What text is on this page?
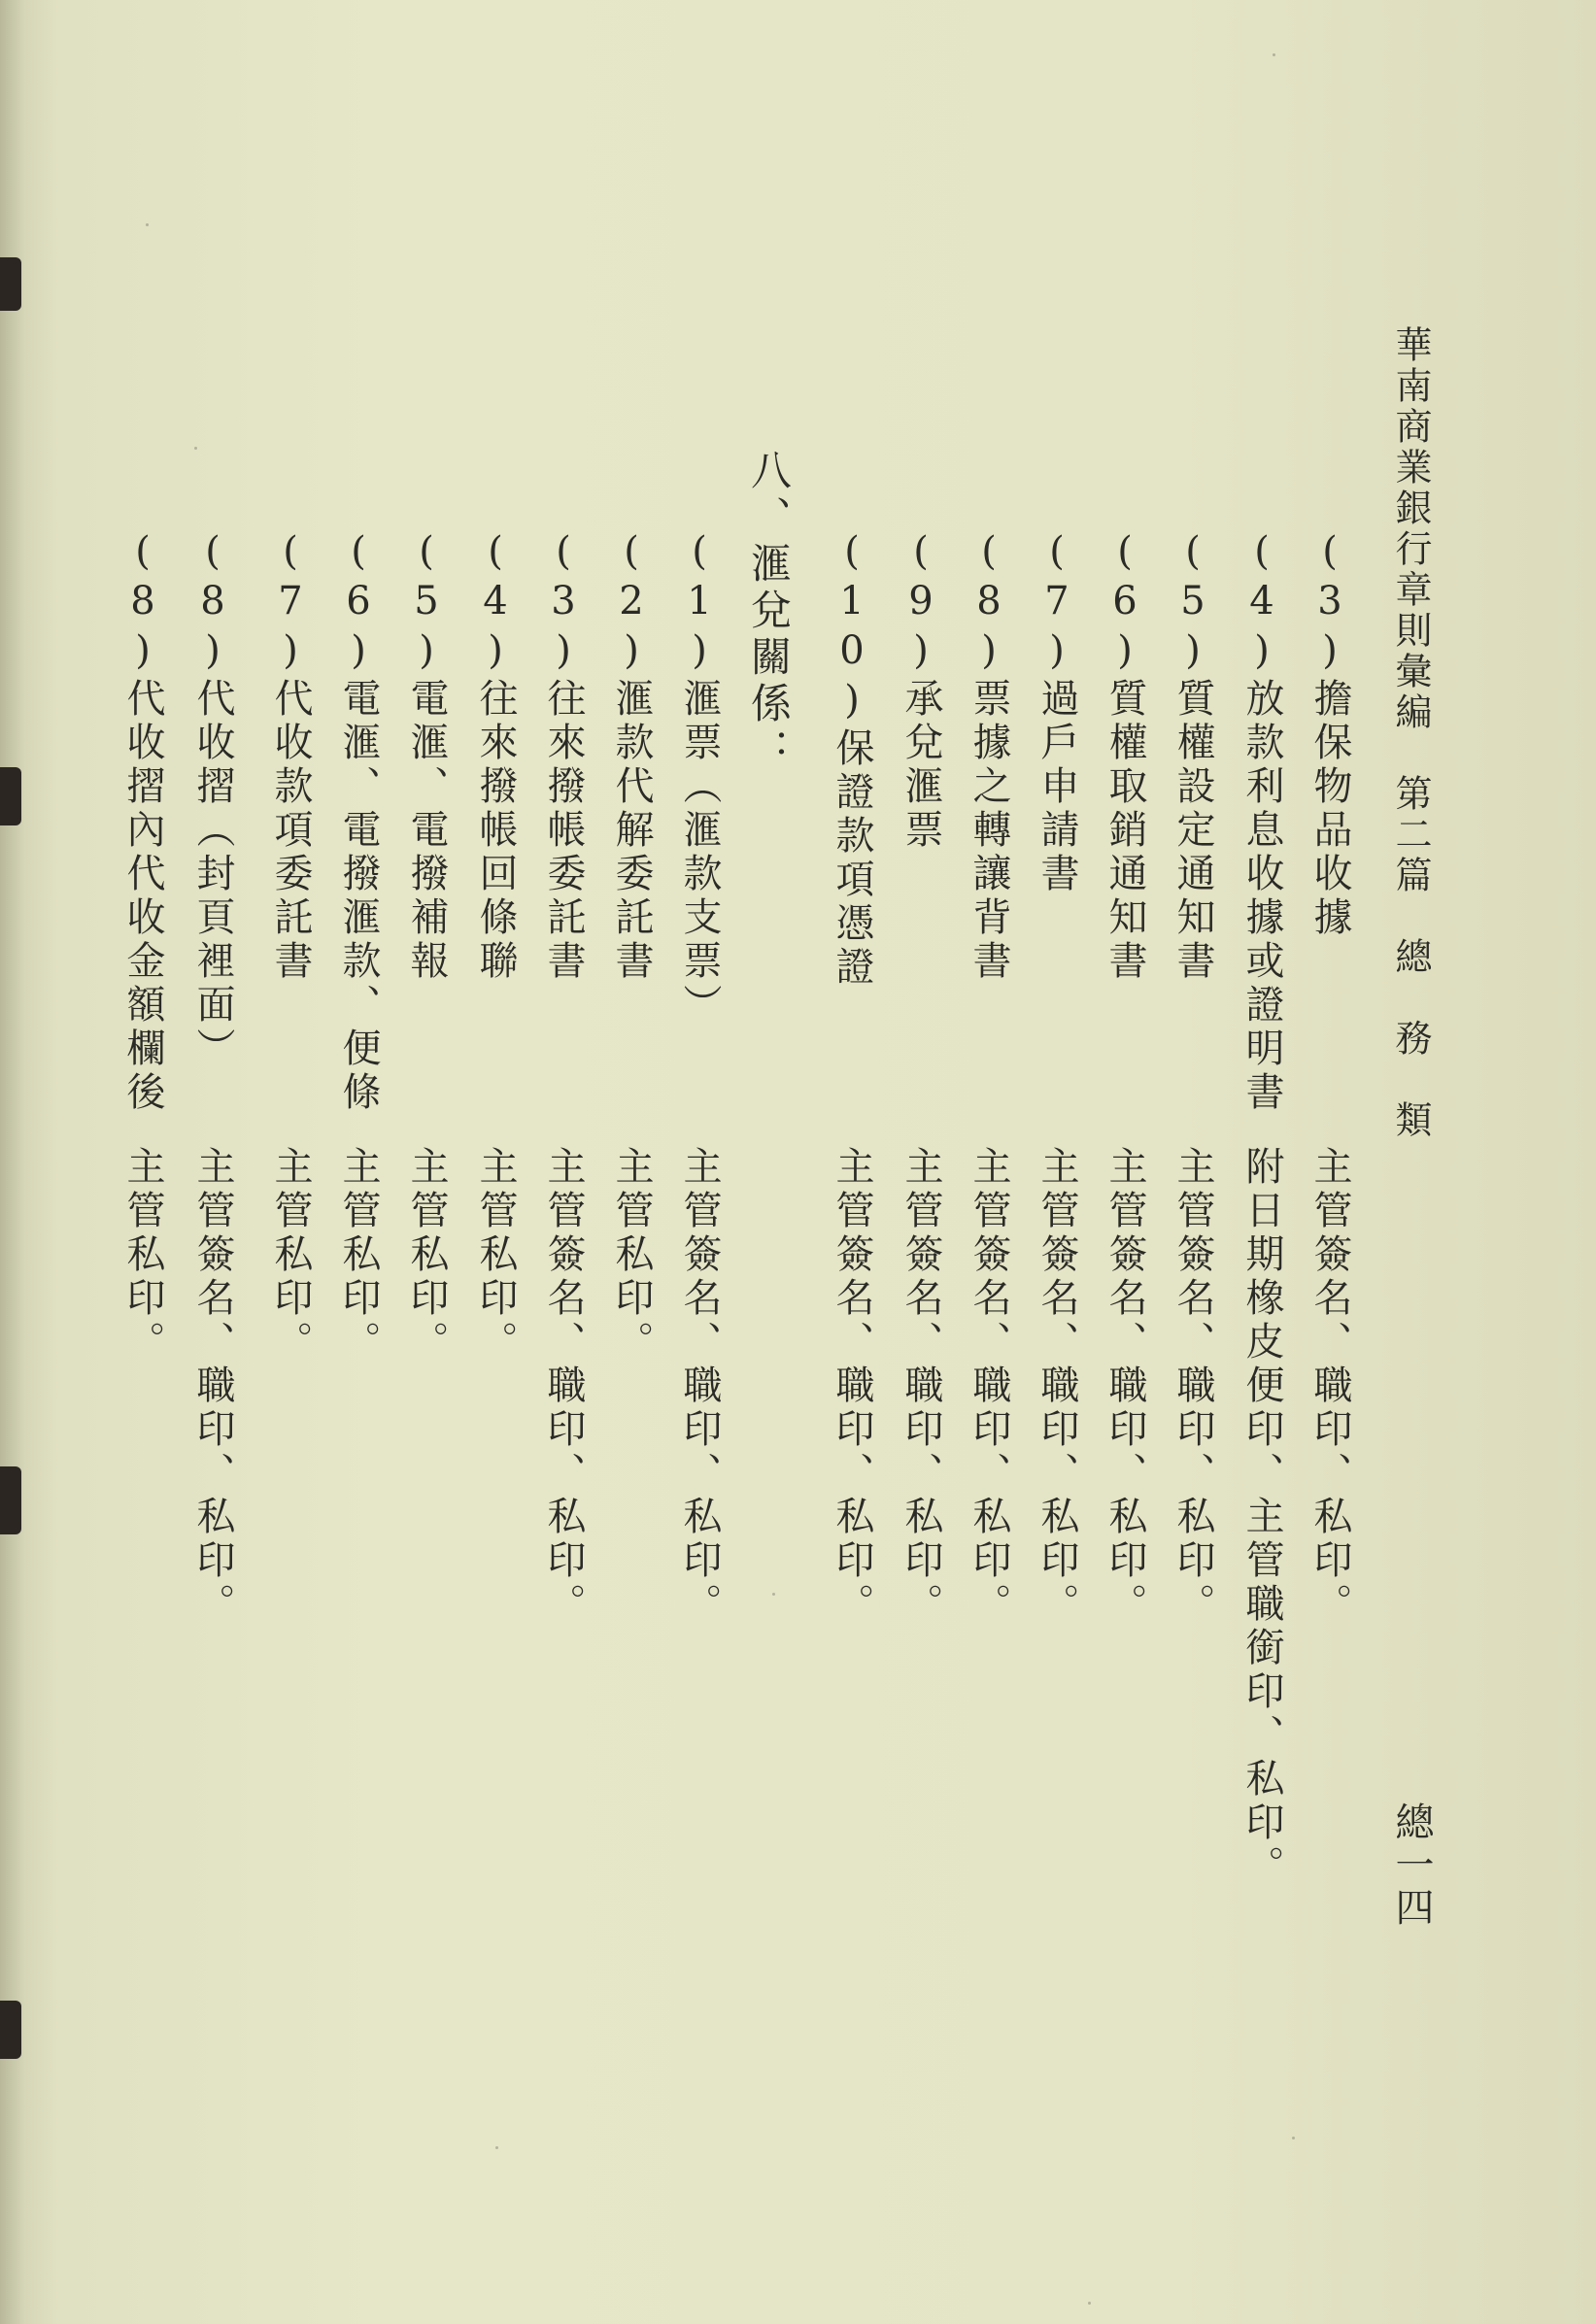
華南商業銀行章則彙編　第二篇　總　務　類
總一四
(3)擔保物品收據
(4)放款利息收據或證明書
(5)質權設定通知書
(6)質權取銷通知書
(7)過戶申請書
(8)票據之轉讓背書
(9)承兌滙票
(10)保證款項憑證
主管簽名、職印、私印。
附日期橡皮便印、主管職銜印、私印。
主管簽名、職印、私印。
主管簽名、職印、私印。
主管簽名、職印、私印。
主管簽名、職印、私印。
主管簽名、職印、私印。
主管簽名、職印、私印。
八、滙兌關係：
(1)滙票（滙款支票）
(2)滙款代解委託書
(3)往來撥帳委託書
(4)往來撥帳回條聯
(5)電滙、電撥補報
(6)電滙、電撥滙款、便條
(7)代收款項委託書
(8)代收摺（封頁裡面）
(8)代收摺內代收金額欄後
主管簽名、職印、私印。
主管私印。
主管簽名、職印、私印。
主管私印。
主管私印。
主管私印。
主管私印。
主管簽名、職印、私印。
主管私印。
